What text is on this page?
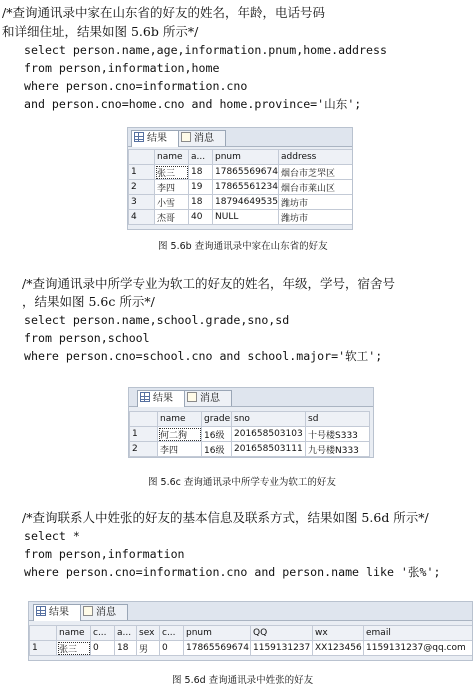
/*查询通讯录中家在山东省的好友的姓名，年龄，电话号码
和详细住址，结果如图 5.6b 所示*/
select person.name,age,information.pnum,home.address
from person,information,home
where person.cno=information.cno
and person.cno=home.cno and home.province='山东';
结果	消息
	name	a...	pnum	address
1	张三	18	17865569674	烟台市芝罘区
2	李四	19	17865561234	烟台市莱山区
3	小雪	18	18794649535	潍坊市
4	杰哥	40	NULL	潍坊市
图 5.6b 查询通讯录中家在山东省的好友
/*查询通讯录中所学专业为软工的好友的姓名，年级，学号，宿舍号
，结果如图 5.6c 所示*/
select person.name,school.grade,sno,sd
from person,school
where person.cno=school.cno and school.major='软工';
结果	消息
	name	grade	sno	sd
1	何二狗	16级	201658503103	十号楼S333
2	李四	16级	201658503111	九号楼N333
图 5.6c 查询通讯录中所学专业为软工的好友
/*查询联系人中姓张的好友的基本信息及联系方式，结果如图 5.6d 所示*/
select *
from person,information
where person.cno=information.cno and person.name like '张%';
结果	消息
	name	c...	a...	sex	c...	pnum	QQ	wx	email
1	张三	0	18	男	0	17865569674	1159131237	XX123456	1159131237@qq.com
图 5.6d 查询通讯录中姓张的好友
